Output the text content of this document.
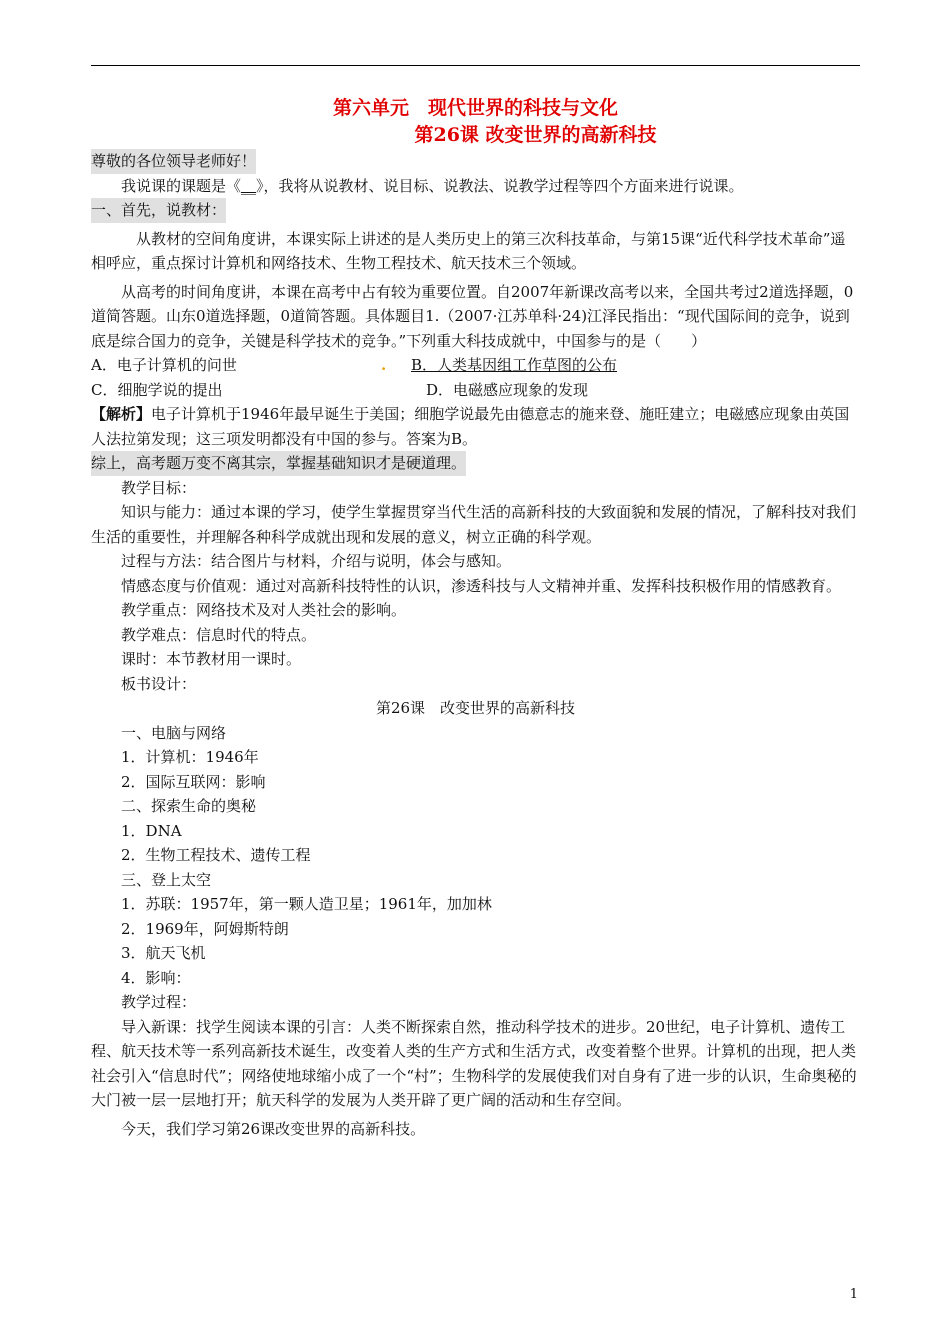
第六单元　现代世界的科技与文化
第26课 改变世界的高新科技

尊敬的各位领导老师好！

我说课的课题是《__》，我将从说教材、说目标、说教法、说教学过程等四个方面来进行说课。

一、首先，说教材：

从教材的空间角度讲，本课实际上讲述的是人类历史上的第三次科技革命，与第15课“近代科学技术革命”遥相呼应，重点探讨计算机和网络技术、生物工程技术、航天技术三个领域。

从高考的时间角度讲，本课在高考中占有较为重要位置。自2007年新课改高考以来，全国共考过2道选择题，0道简答题。山东0道选择题，0道简答题。具体题目1.（2007·江苏单科·24)江泽民指出：“现代国际间的竞争，说到底是综合国力的竞争，关键是科学技术的竞争。”下列重大科技成就中，中国参与的是（　　）

A．电子计算机的问世	.	B．人类基因组工作草图的公布
C．细胞学说的提出	D．电磁感应现象的发现

【解析】电子计算机于1946年最早诞生于美国；细胞学说最先由德意志的施来登、施旺建立；电磁感应现象由英国人法拉第发现；这三项发明都没有中国的参与。答案为B。

综上，高考题万变不离其宗，掌握基础知识才是硬道理。

教学目标：

知识与能力：通过本课的学习，使学生掌握贯穿当代生活的高新科技的大致面貌和发展的情况，了解科技对我们生活的重要性，并理解各种科学成就出现和发展的意义，树立正确的科学观。

过程与方法：结合图片与材料，介绍与说明，体会与感知。

情感态度与价值观：通过对高新科技特性的认识，渗透科技与人文精神并重、发挥科技积极作用的情感教育。

教学重点：网络技术及对人类社会的影响。

教学难点：信息时代的特点。

课时：本节教材用一课时。

板书设计：

第26课　改变世界的高新科技

一、电脑与网络

1．计算机：1946年

2．国际互联网：影响

二、探索生命的奥秘

1．DNA

2．生物工程技术、遗传工程

三、登上太空

1．苏联：1957年，第一颗人造卫星；1961年，加加林

2．1969年，阿姆斯特朗

3．航天飞机

4．影响：

教学过程：

导入新课：找学生阅读本课的引言：人类不断探索自然，推动科学技术的进步。20世纪，电子计算机、遗传工程、航天技术等一系列高新技术诞生，改变着人类的生产方式和生活方式，改变着整个世界。计算机的出现，把人类社会引入“信息时代”；网络使地球缩小成了一个“村”；生物科学的发展使我们对自身有了进一步的认识，生命奥秘的大门被一层一层地打开；航天科学的发展为人类开辟了更广阔的活动和生存空间。

今天，我们学习第26课改变世界的高新科技。

1
